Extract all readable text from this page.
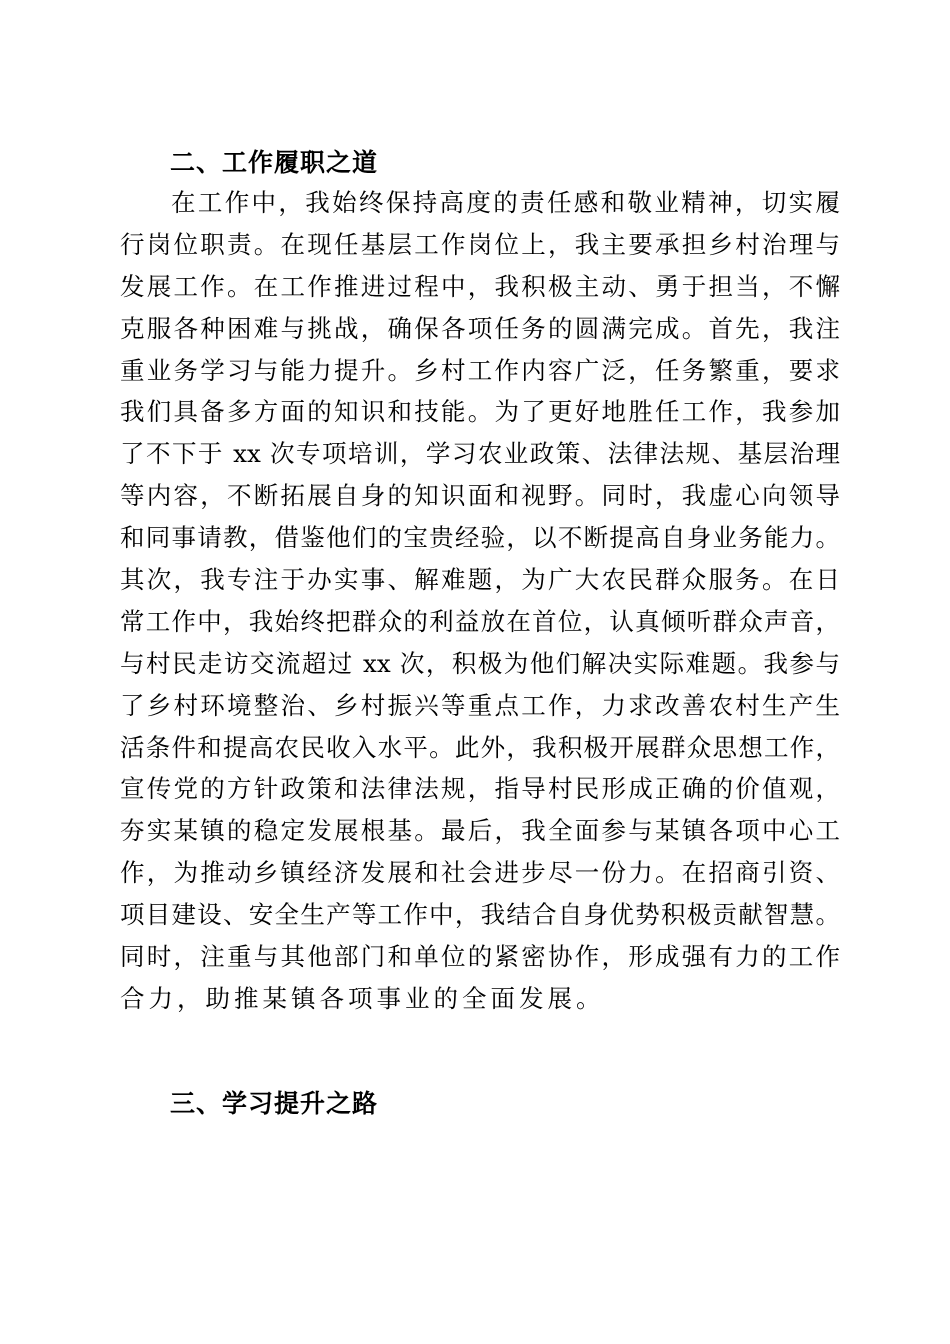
二、工作履职之道
在工作中，我始终保持高度的责任感和敬业精神，切实履
行岗位职责。在现任基层工作岗位上，我主要承担乡村治理与
发展工作。在工作推进过程中，我积极主动、勇于担当，不懈
克服各种困难与挑战，确保各项任务的圆满完成。首先，我注
重业务学习与能力提升。乡村工作内容广泛，任务繁重，要求
我们具备多方面的知识和技能。为了更好地胜任工作，我参加
了不下于 xx 次专项培训，学习农业政策、法律法规、基层治理
等内容，不断拓展自身的知识面和视野。同时，我虚心向领导
和同事请教，借鉴他们的宝贵经验，以不断提高自身业务能力。
其次，我专注于办实事、解难题，为广大农民群众服务。在日
常工作中，我始终把群众的利益放在首位，认真倾听群众声音，
与村民走访交流超过 xx 次，积极为他们解决实际难题。我参与
了乡村环境整治、乡村振兴等重点工作，力求改善农村生产生
活条件和提高农民收入水平。此外，我积极开展群众思想工作，
宣传党的方针政策和法律法规，指导村民形成正确的价值观，
夯实某镇的稳定发展根基。最后，我全面参与某镇各项中心工
作，为推动乡镇经济发展和社会进步尽一份力。在招商引资、
项目建设、安全生产等工作中，我结合自身优势积极贡献智慧。
同时，注重与其他部门和单位的紧密协作，形成强有力的工作
合力，助推某镇各项事业的全面发展。
三、学习提升之路
